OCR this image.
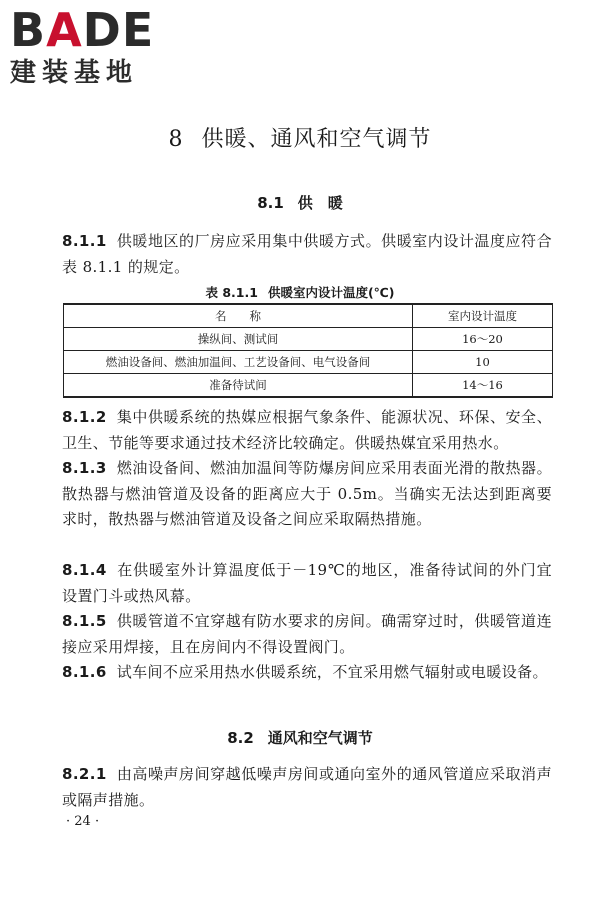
BADE
建装基地
8 供暖、通风和空气调节
8.1 供　暖
8.1.1 供暖地区的厂房应采用集中供暖方式。供暖室内设计温度应符合表 8.1.1 的规定。
表 8.1.1 供暖室内设计温度(℃)
名　　称	室内设计温度
操纵间、测试间	16～20
燃油设备间、燃油加温间、工艺设备间、电气设备间	10
准备待试间	14～16
8.1.2 集中供暖系统的热媒应根据气象条件、能源状况、环保、安全、卫生、节能等要求通过技术经济比较确定。供暖热媒宜采用热水。
8.1.3 燃油设备间、燃油加温间等防爆房间应采用表面光滑的散热器。散热器与燃油管道及设备的距离应大于 0.5m。当确实无法达到距离要求时，散热器与燃油管道及设备之间应采取隔热措施。
8.1.4 在供暖室外计算温度低于－19℃的地区，准备待试间的外门宜设置门斗或热风幕。
8.1.5 供暖管道不宜穿越有防水要求的房间。确需穿过时，供暖管道连接应采用焊接，且在房间内不得设置阀门。
8.1.6 试车间不应采用热水供暖系统，不宜采用燃气辐射或电暖设备。
8.2 通风和空气调节
8.2.1 由高噪声房间穿越低噪声房间或通向室外的通风管道应采取消声或隔声措施。
· 24 ·
